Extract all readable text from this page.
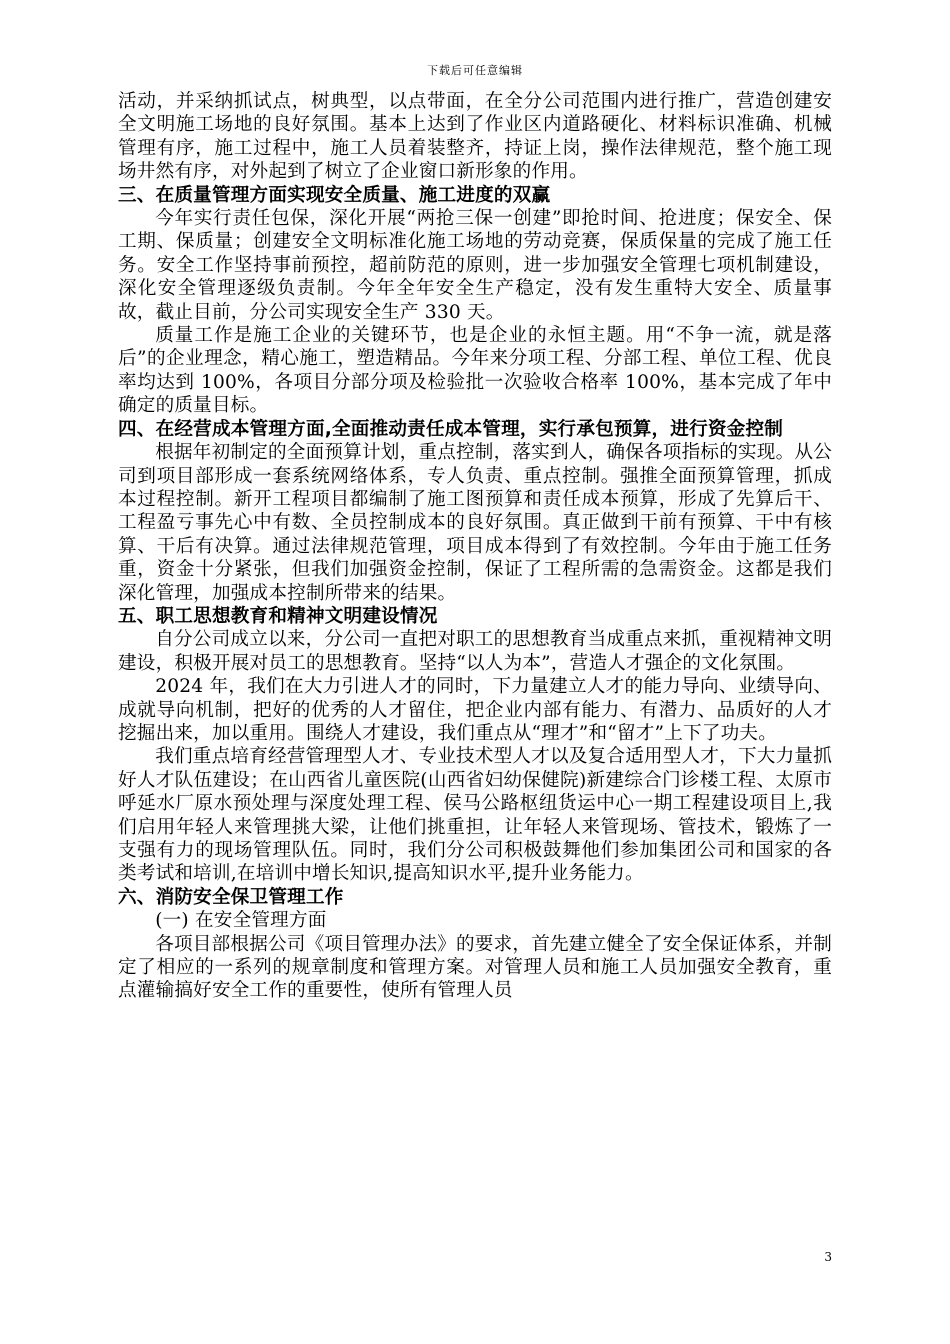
下载后可任意编辑

活动，并采纳抓试点，树典型，以点带面，在全分公司范围内进行推广，营造创建安全文明施工场地的良好氛围。基本上达到了作业区内道路硬化、材料标识准确、机械管理有序，施工过程中，施工人员着装整齐，持证上岗，操作法律规范，整个施工现场井然有序，对外起到了树立了企业窗口新形象的作用。

三、在质量管理方面实现安全质量、施工进度的双赢

今年实行责任包保，深化开展“两抢三保一创建”即抢时间、抢进度；保安全、保工期、保质量；创建安全文明标准化施工场地的劳动竞赛，保质保量的完成了施工任务。安全工作坚持事前预控，超前防范的原则，进一步加强安全管理七项机制建设，深化安全管理逐级负责制。今年全年安全生产稳定，没有发生重特大安全、质量事故，截止目前，分公司实现安全生产 330 天。

质量工作是施工企业的关键环节，也是企业的永恒主题。用“不争一流，就是落后”的企业理念，精心施工，塑造精品。今年来分项工程、分部工程、单位工程、优良率均达到 100%，各项目分部分项及检验批一次验收合格率 100%，基本完成了年中确定的质量目标。

四、在经营成本管理方面,全面推动责任成本管理，实行承包预算，进行资金控制

根据年初制定的全面预算计划，重点控制，落实到人，确保各项指标的实现。从公司到项目部形成一套系统网络体系，专人负责、重点控制。强推全面预算管理，抓成本过程控制。新开工程项目都编制了施工图预算和责任成本预算，形成了先算后干、工程盈亏事先心中有数、全员控制成本的良好氛围。真正做到干前有预算、干中有核算、干后有决算。通过法律规范管理，项目成本得到了有效控制。今年由于施工任务重，资金十分紧张，但我们加强资金控制，保证了工程所需的急需资金。这都是我们深化管理，加强成本控制所带来的结果。

五、职工思想教育和精神文明建设情况

自分公司成立以来，分公司一直把对职工的思想教育当成重点来抓，重视精神文明建设，积极开展对员工的思想教育。坚持“以人为本”，营造人才强企的文化氛围。

2024 年，我们在大力引进人才的同时，下力量建立人才的能力导向、业绩导向、成就导向机制，把好的优秀的人才留住，把企业内部有能力、有潜力、品质好的人才挖掘出来，加以重用。围绕人才建设，我们重点从“理才”和“留才”上下了功夫。

我们重点培育经营管理型人才、专业技术型人才以及复合适用型人才，下大力量抓好人才队伍建设；在山西省儿童医院(山西省妇幼保健院)新建综合门诊楼工程、太原市呼延水厂原水预处理与深度处理工程、侯马公路枢纽货运中心一期工程建设项目上,我们启用年轻人来管理挑大梁，让他们挑重担，让年轻人来管现场、管技术，锻炼了一支强有力的现场管理队伍。同时，我们分公司积极鼓舞他们参加集团公司和国家的各类考试和培训,在培训中增长知识,提高知识水平,提升业务能力。

六、消防安全保卫管理工作

(一) 在安全管理方面

各项目部根据公司《项目管理办法》的要求，首先建立健全了安全保证体系，并制定了相应的一系列的规章制度和管理方案。对管理人员和施工人员加强安全教育，重点灌输搞好安全工作的重要性，使所有管理人员

3
